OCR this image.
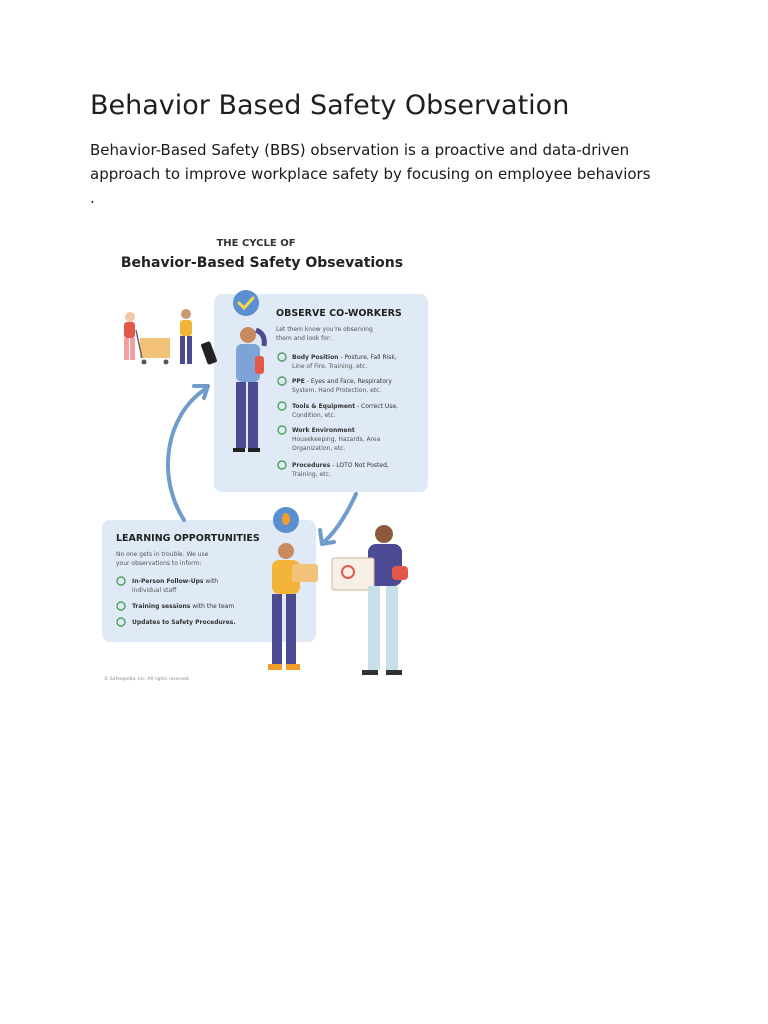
Behavior Based Safety Observation

Behavior-Based Safety (BBS) observation is a proactive and data-driven approach to improve workplace safety by focusing on employee behaviors
.

THE CYCLE OF
Behavior-Based Safety Obsevations
OBSERVE CO-WORKERS
Let them know you're observing
them and look for:
Body Position - Posture, Fall Risk,
Line of Fire, Training, etc.
PPE - Eyes and Face, Respiratory
System, Hand Protection, etc.
Tools & Equipment - Correct Use,
Condition, etc.
Work Environment
Housekeeping, Hazards, Area
Organization, etc.
Procedures - LOTO Not Posted,
Training, etc.
LEARNING OPPORTUNITIES
No one gets in trouble. We use
your observations to inform:
In-Person Follow-Ups with
individual staff
Training sessions with the team
Updates to Safety Procedures.
© Safeopedia, Inc. All rights reserved.
